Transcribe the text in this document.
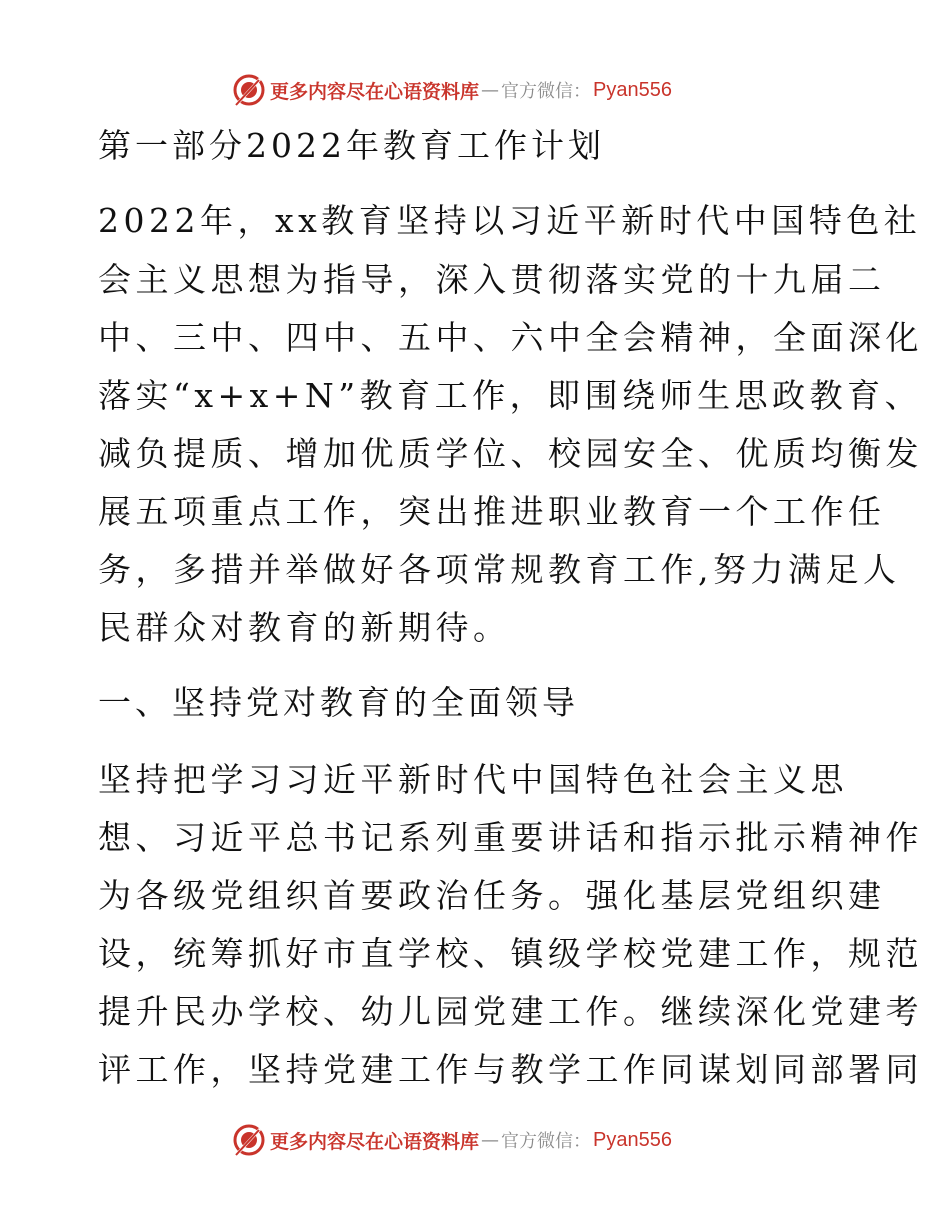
更多内容尽在心语资料库 — 官方微信： Pyan556
第一部分2022年教育工作计划
2022年，xx教育坚持以习近平新时代中国特色社
会主义思想为指导，深入贯彻落实党的十九届二
中、三中、四中、五中、六中全会精神，全面深化
落实“x+x+N”教育工作，即围绕师生思政教育、
减负提质、增加优质学位、校园安全、优质均衡发
展五项重点工作，突出推进职业教育一个工作任
务，多措并举做好各项常规教育工作,努力满足人
民群众对教育的新期待。
一、坚持党对教育的全面领导
坚持把学习习近平新时代中国特色社会主义思
想、习近平总书记系列重要讲话和指示批示精神作
为各级党组织首要政治任务。强化基层党组织建
设，统筹抓好市直学校、镇级学校党建工作，规范
提升民办学校、幼儿园党建工作。继续深化党建考
评工作，坚持党建工作与教学工作同谋划同部署同
更多内容尽在心语资料库 — 官方微信： Pyan556
